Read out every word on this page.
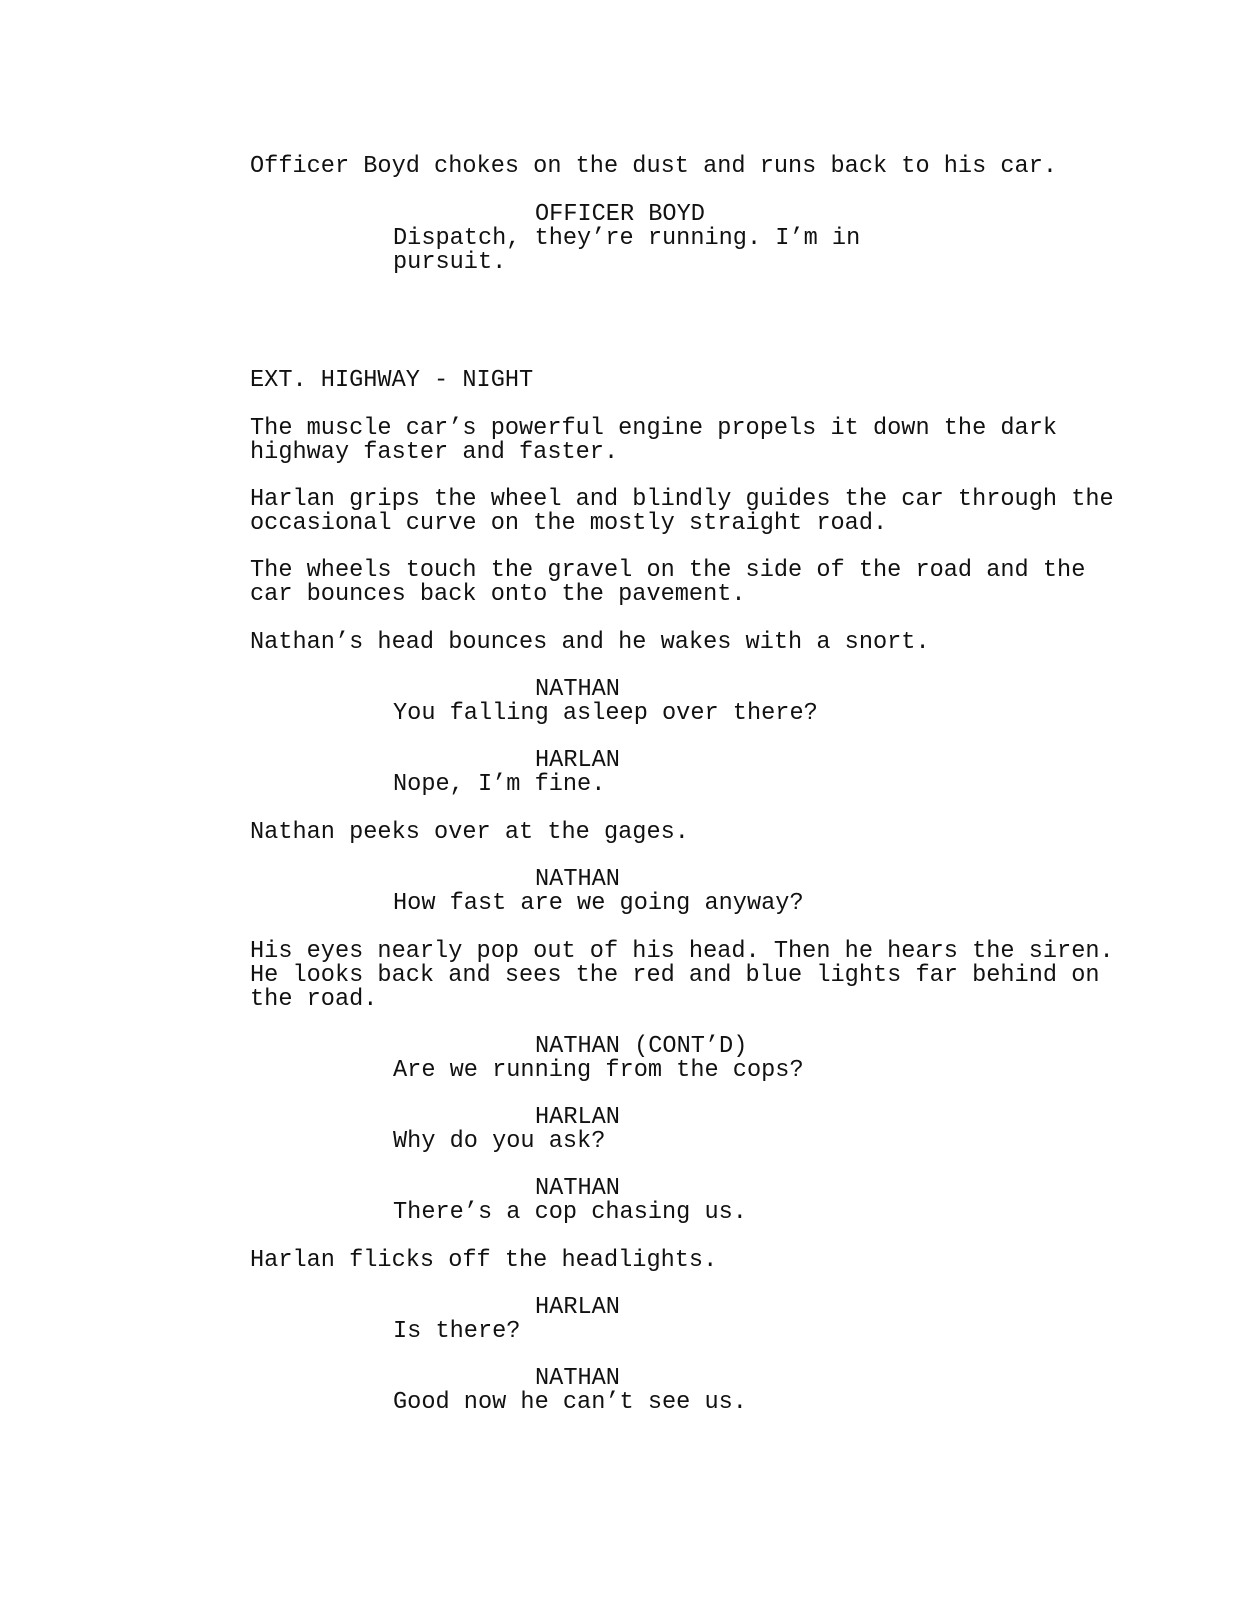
Officer Boyd chokes on the dust and runs back to his car.

OFFICER BOYD

Dispatch, they’re running. I’m in

pursuit.

EXT. HIGHWAY - NIGHT

The muscle car’s powerful engine propels it down the dark

highway faster and faster.

Harlan grips the wheel and blindly guides the car through the

occasional curve on the mostly straight road.

The wheels touch the gravel on the side of the road and the

car bounces back onto the pavement.

Nathan’s head bounces and he wakes with a snort.

NATHAN

You falling asleep over there?

HARLAN

Nope, I’m fine.

Nathan peeks over at the gages.

NATHAN

How fast are we going anyway?

His eyes nearly pop out of his head. Then he hears the siren.

He looks back and sees the red and blue lights far behind on

the road.

NATHAN (CONT’D)

Are we running from the cops?

HARLAN

Why do you ask?

NATHAN

There’s a cop chasing us.

Harlan flicks off the headlights.

HARLAN

Is there?

NATHAN

Good now he can’t see us.
